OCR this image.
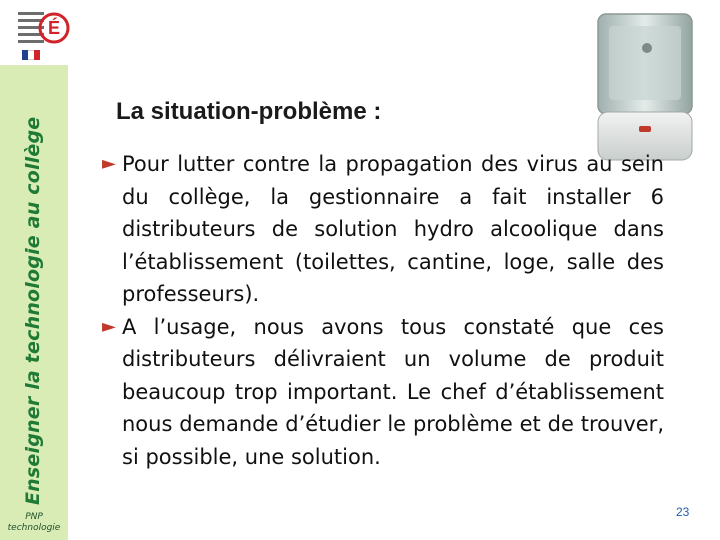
É
Enseigner la technologie au collège
PNP
technologie
La situation-problème :
► Pour lutter contre la propagation des virus au sein du collège, la gestionnaire a fait installer 6 distributeurs de solution hydro alcoolique dans l’établissement (toilettes, cantine, loge, salle des professeurs).
► A l’usage, nous avons tous constaté que ces distributeurs délivraient un volume de produit beaucoup trop important. Le chef d’établissement nous demande d’étudier le problème et de trouver, si possible, une solution.
23
